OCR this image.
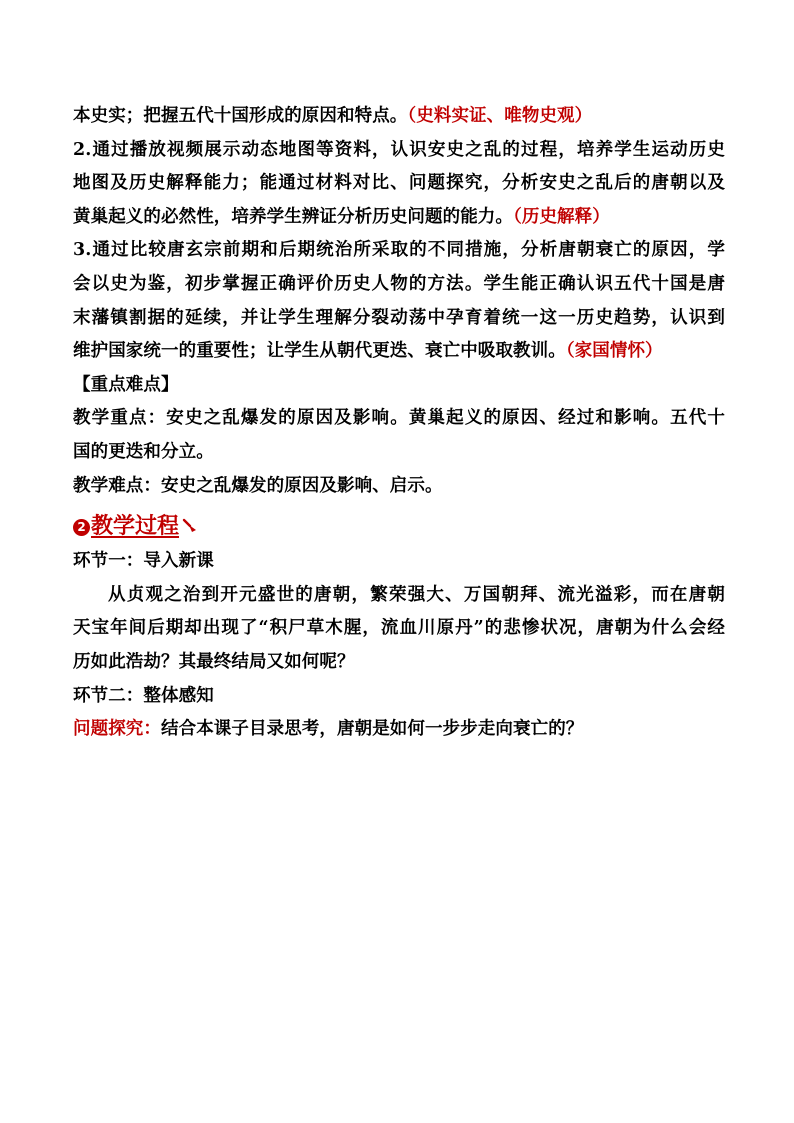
本史实；把握五代十国形成的原因和特点。（史料实证、唯物史观）
2.通过播放视频展示动态地图等资料，认识安史之乱的过程，培养学生运动历史
地图及历史解释能力；能通过材料对比、问题探究，分析安史之乱后的唐朝以及
黄巢起义的必然性，培养学生辨证分析历史问题的能力。（历史解释）
3.通过比较唐玄宗前期和后期统治所采取的不同措施，分析唐朝衰亡的原因，学
会以史为鉴，初步掌握正确评价历史人物的方法。学生能正确认识五代十国是唐
末藩镇割据的延续，并让学生理解分裂动荡中孕育着统一这一历史趋势，认识到
维护国家统一的重要性；让学生从朝代更迭、衰亡中吸取教训。（家国情怀）
【重点难点】
教学重点：安史之乱爆发的原因及影响。黄巢起义的原因、经过和影响。五代十
国的更迭和分立。
教学难点：安史之乱爆发的原因及影响、启示。
2 教学过程
环节一：导入新课
从贞观之治到开元盛世的唐朝，繁荣强大、万国朝拜、流光溢彩，而在唐朝
天宝年间后期却出现了“积尸草木腥，流血川原丹”的悲惨状况，唐朝为什么会经
历如此浩劫？其最终结局又如何呢？
环节二：整体感知
问题探究：结合本课子目录思考，唐朝是如何一步步走向衰亡的？
